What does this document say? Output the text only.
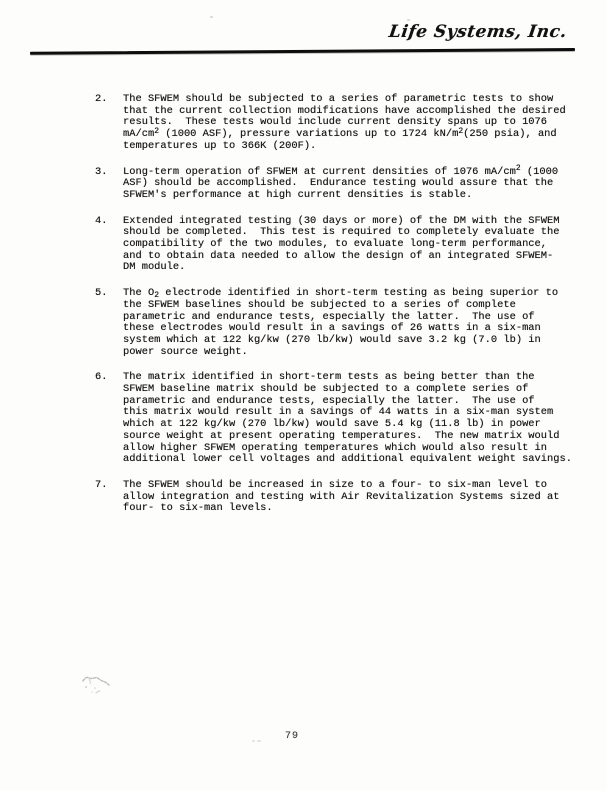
Life Systems, Inc.
2.	The SFWEM should be subjected to a series of parametric tests to show
that the current collection modifications have accomplished the desired
results.  These tests would include current density spans up to 1076
$mA/cm^2$ (1000 ASF), pressure variations up to 1724 $kN/m^2(250$ psia), and
temperatures up to 366K (200F).
3.	Long-term operation of SFWEM at current densities of 1076 $mA/cm^2$ (1000
ASF) should be accomplished.  Endurance testing would assure that the
SFWEM's performance at high current densities is stable.
4.	Extended integrated testing (30 days or more) of the DM with the SFWEM
should be completed.  This test is required to completely evaluate the
compatibility of the two modules, to evaluate long-term performance,
and to obtain data needed to allow the design of an integrated SFWEM-
DM module.
5.	The $O_2$ electrode identified in short-term testing as being superior to
the SFWEM baselines should be subjected to a series of complete
parametric and endurance tests, especially the latter.  The use of
these electrodes would result in a savings of 26 watts in a six-man
system which at 122 kg/kw (270 lb/kw) would save 3.2 kg (7.0 lb) in
power source weight.
6.	The matrix identified in short-term tests as being better than the
SFWEM baseline matrix should be subjected to a complete series of
parametric and endurance tests, especially the latter.  The use of
this matrix would result in a savings of 44 watts in a six-man system
which at 122 kg/kw (270 lb/kw) would save 5.4 kg (11.8 lb) in power
source weight at present operating temperatures.  The new matrix would
allow higher SFWEM operating temperatures which would also result in
additional lower cell voltages and additional equivalent weight savings.
7.	The SFWEM should be increased in size to a four- to six-man level to
allow integration and testing with Air Revitalization Systems sized at
four- to six-man levels.
79
